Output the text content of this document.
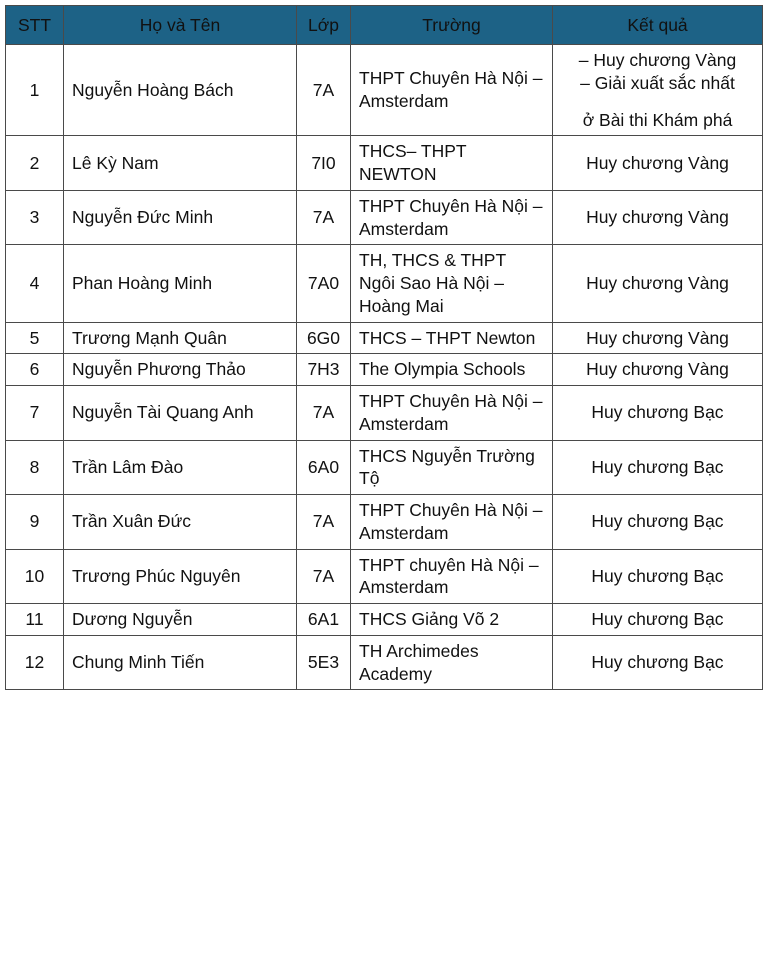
STT	Họ và Tên	Lớp	Trường	Kết quả
1	Nguyễn Hoàng Bách	7A	THPT Chuyên Hà Nội – Amsterdam	– Huy chương Vàng
– Giải xuất sắc nhất
ở Bài thi Khám phá

2	Lê Kỳ Nam	7I0	THCS– THPT NEWTON	Huy chương Vàng
3	Nguyễn Đức Minh	7A	THPT Chuyên Hà Nội – Amsterdam	Huy chương Vàng
4	Phan Hoàng Minh	7A0	TH, THCS & THPT Ngôi Sao Hà Nội – Hoàng Mai	Huy chương Vàng
5	Trương Mạnh Quân	6G0	THCS – THPT Newton	Huy chương Vàng
6	Nguyễn Phương Thảo	7H3	The Olympia Schools	Huy chương Vàng
7	Nguyễn Tài Quang Anh	7A	THPT Chuyên Hà Nội – Amsterdam	Huy chương Bạc
8	Trần Lâm Đào	6A0	THCS Nguyễn Trường Tộ	Huy chương Bạc
9	Trần Xuân Đức	7A	THPT Chuyên Hà Nội – Amsterdam	Huy chương Bạc
10	Trương Phúc Nguyên	7A	THPT chuyên Hà Nội – Amsterdam	Huy chương Bạc
11	Dương Nguyễn	6A1	THCS Giảng Võ 2	Huy chương Bạc
12	Chung Minh Tiến	5E3	TH Archimedes Academy	Huy chương Bạc
